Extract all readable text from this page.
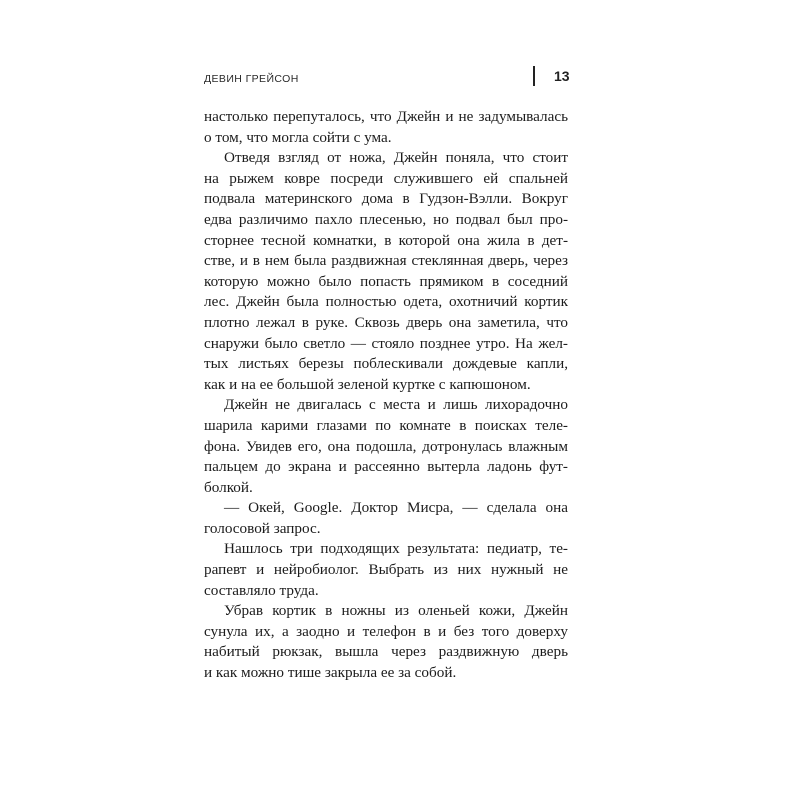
ДЕВИН ГРЕЙСОН	13
настолько перепуталось, что Джейн и не задумывалась
о том, что могла сойти с ума.
Отведя взгляд от ножа, Джейн поняла, что стоит
на рыжем ковре посреди служившего ей спальней
подвала материнского дома в Гудзон-Вэлли. Вокруг
едва различимо пахло плесенью, но подвал был про-
сторнее тесной комнатки, в которой она жила в дет-
стве, и в нем была раздвижная стеклянная дверь, через
которую можно было попасть прямиком в соседний
лес. Джейн была полностью одета, охотничий кортик
плотно лежал в руке. Сквозь дверь она заметила, что
снаружи было светло — стояло позднее утро. На жел-
тых листьях березы поблескивали дождевые капли,
как и на ее большой зеленой куртке с капюшоном.
Джейн не двигалась с места и лишь лихорадочно
шарила карими глазами по комнате в поисках теле-
фона. Увидев его, она подошла, дотронулась влажным
пальцем до экрана и рассеянно вытерла ладонь фут-
болкой.
— Окей, Google. Доктор Мисра, — сделала она
голосовой запрос.
Нашлось три подходящих результата: педиатр, те-
рапевт и нейробиолог. Выбрать из них нужный не
составляло труда.
Убрав кортик в ножны из оленьей кожи, Джейн
сунула их, а заодно и телефон в и без того доверху
набитый рюкзак, вышла через раздвижную дверь
и как можно тише закрыла ее за собой.
